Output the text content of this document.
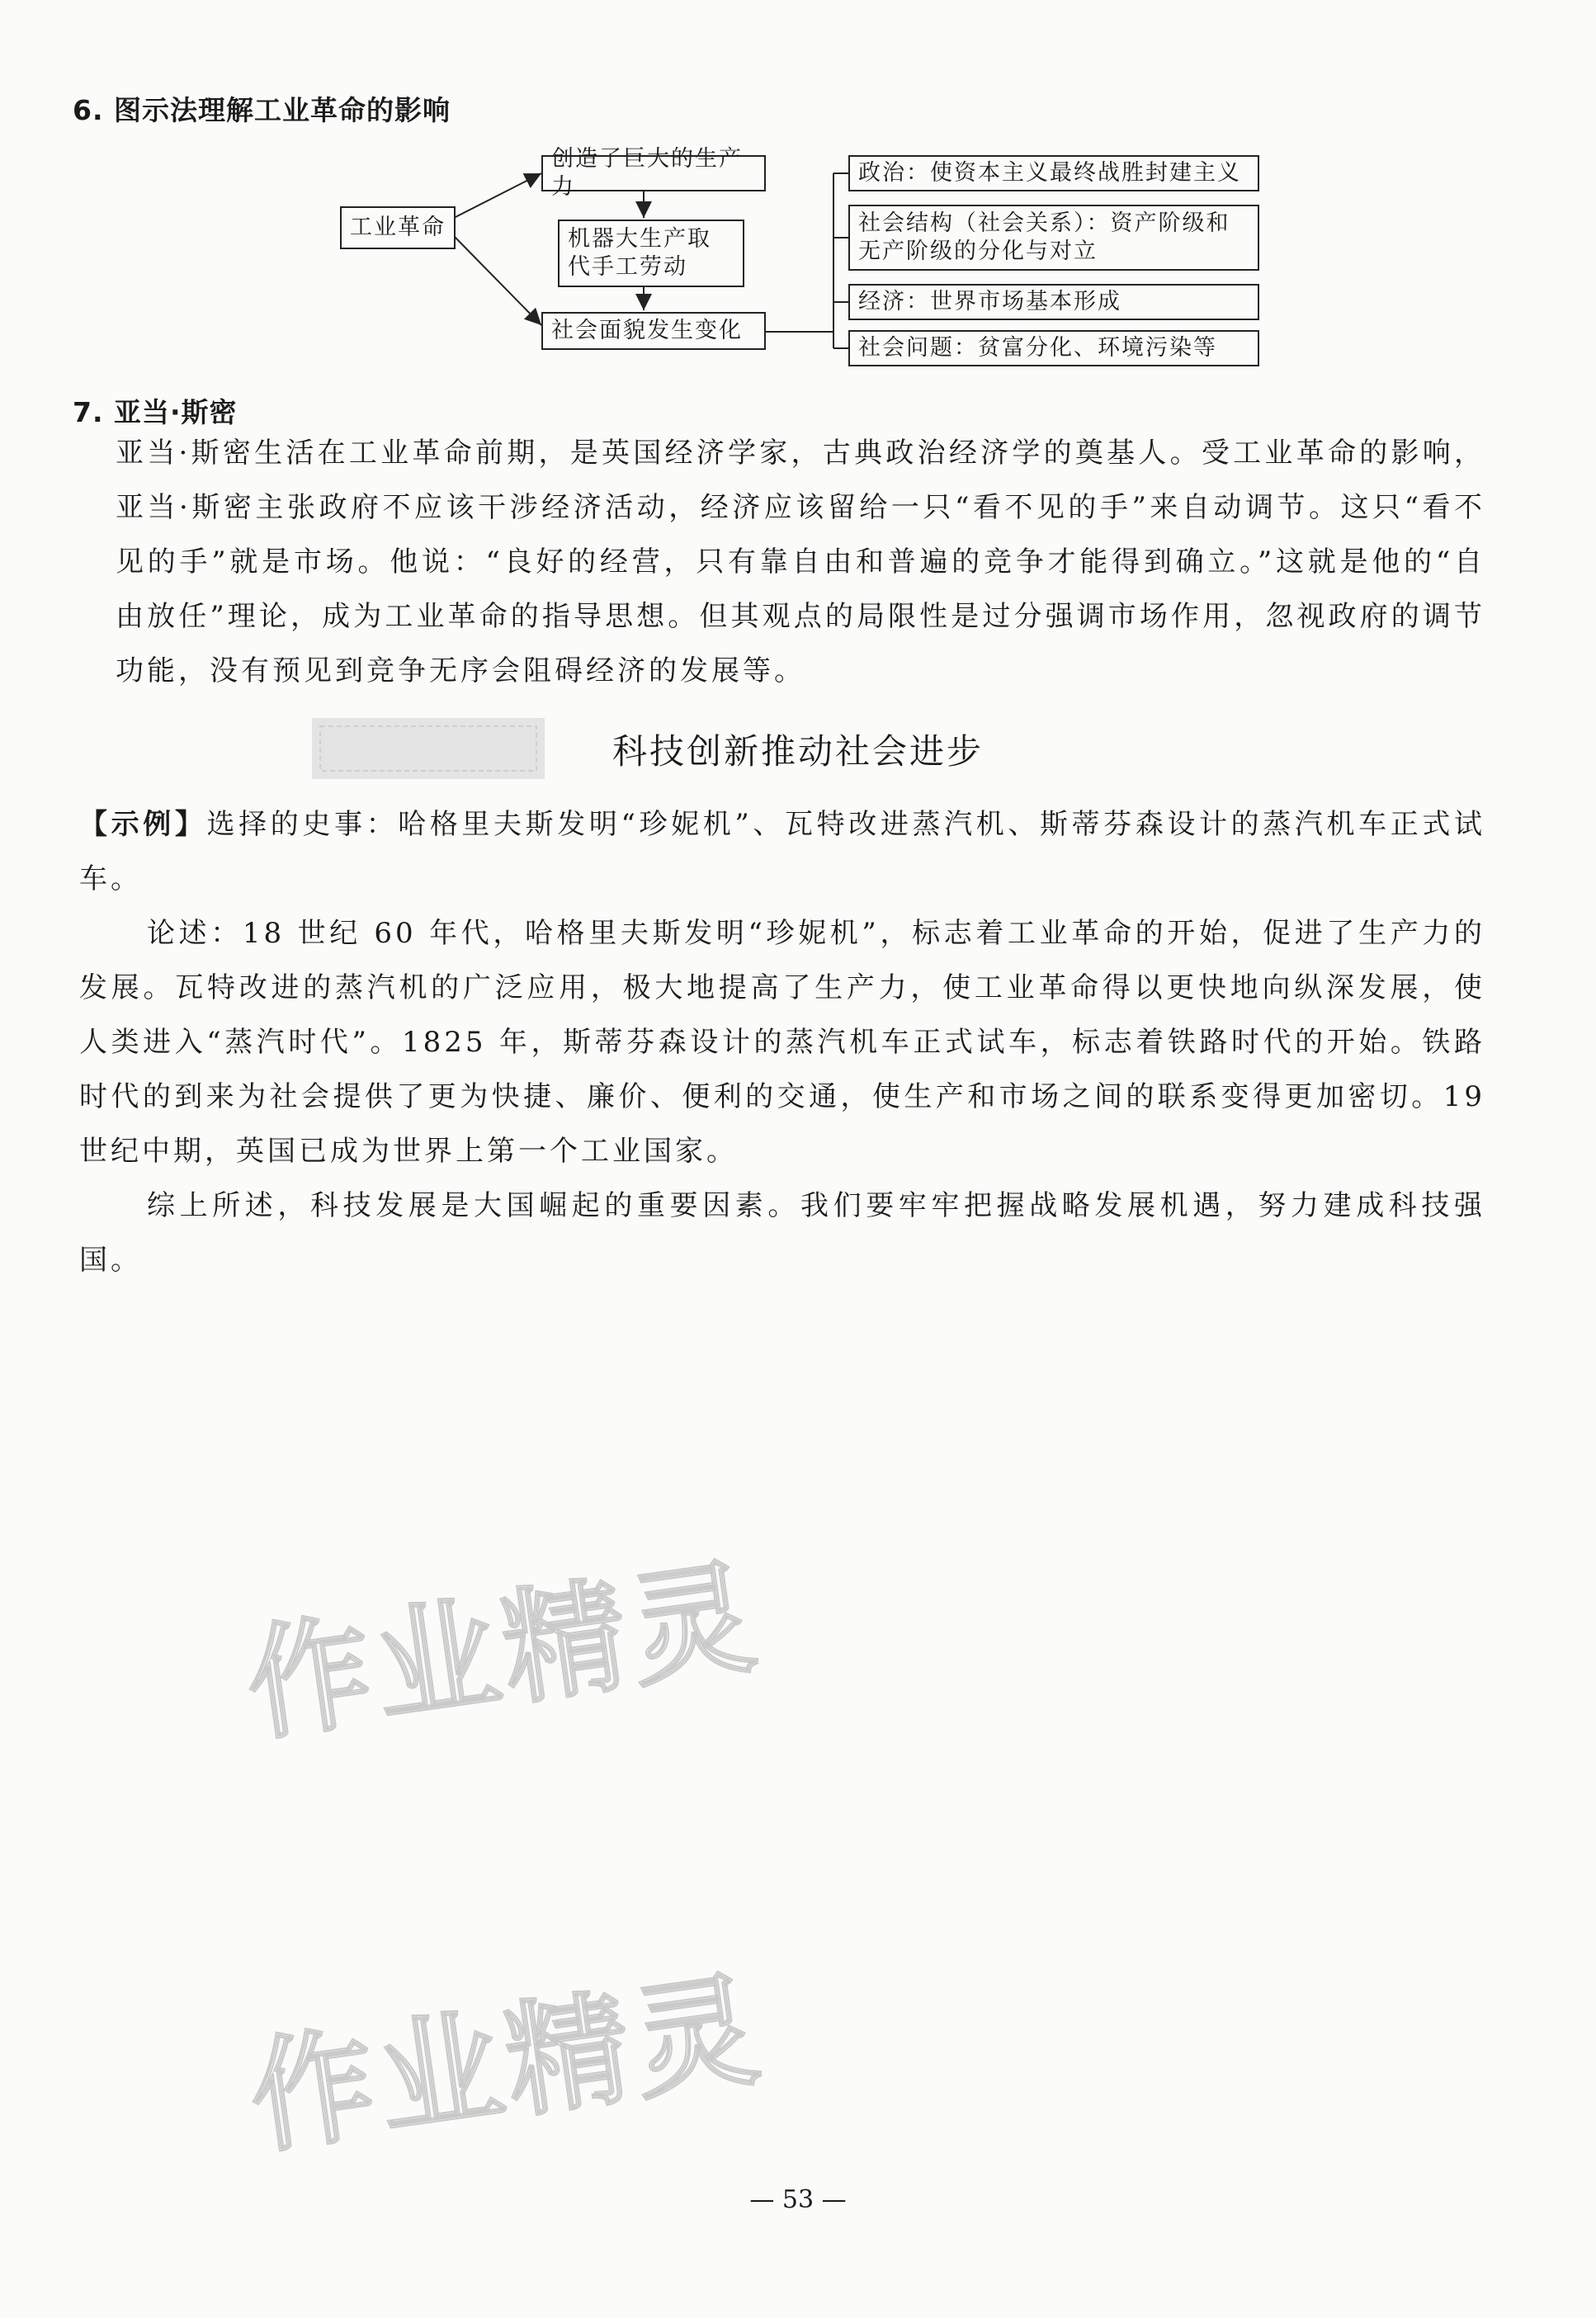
6. 图示法理解工业革命的影响
工业革命
创造了巨大的生产力
机器大生产取代手工劳动
社会面貌发生变化
政治：使资本主义最终战胜封建主义
社会结构（社会关系）：资产阶级和无产阶级的分化与对立
经济：世界市场基本形成
社会问题：贫富分化、环境污染等
7. 亚当·斯密

亚当·斯密生活在工业革命前期，是英国经济学家，古典政治经济学的奠基人。受工业革命的影响，亚当·斯密主张政府不应该干涉经济活动，经济应该留给一只“看不见的手”来自动调节。这只“看不见的手”就是市场。他说：“良好的经营，只有靠自由和普遍的竞争才能得到确立。”这就是他的“自由放任”理论，成为工业革命的指导思想。但其观点的局限性是过分强调市场作用，忽视政府的调节功能，没有预见到竞争无序会阻碍经济的发展等。

科技创新推动社会进步

【示例】选择的史事：哈格里夫斯发明“珍妮机”、瓦特改进蒸汽机、斯蒂芬森设计的蒸汽机车正式试车。

论述：18 世纪 60 年代，哈格里夫斯发明“珍妮机”，标志着工业革命的开始，促进了生产力的发展。瓦特改进的蒸汽机的广泛应用，极大地提高了生产力，使工业革命得以更快地向纵深发展，使人类进入“蒸汽时代”。1825 年，斯蒂芬森设计的蒸汽机车正式试车，标志着铁路时代的开始。铁路时代的到来为社会提供了更为快捷、廉价、便利的交通，使生产和市场之间的联系变得更加密切。19 世纪中期，英国已成为世界上第一个工业国家。

综上所述，科技发展是大国崛起的重要因素。我们要牢牢把握战略发展机遇，努力建成科技强国。

作业精灵
作业精灵
— 53 —
